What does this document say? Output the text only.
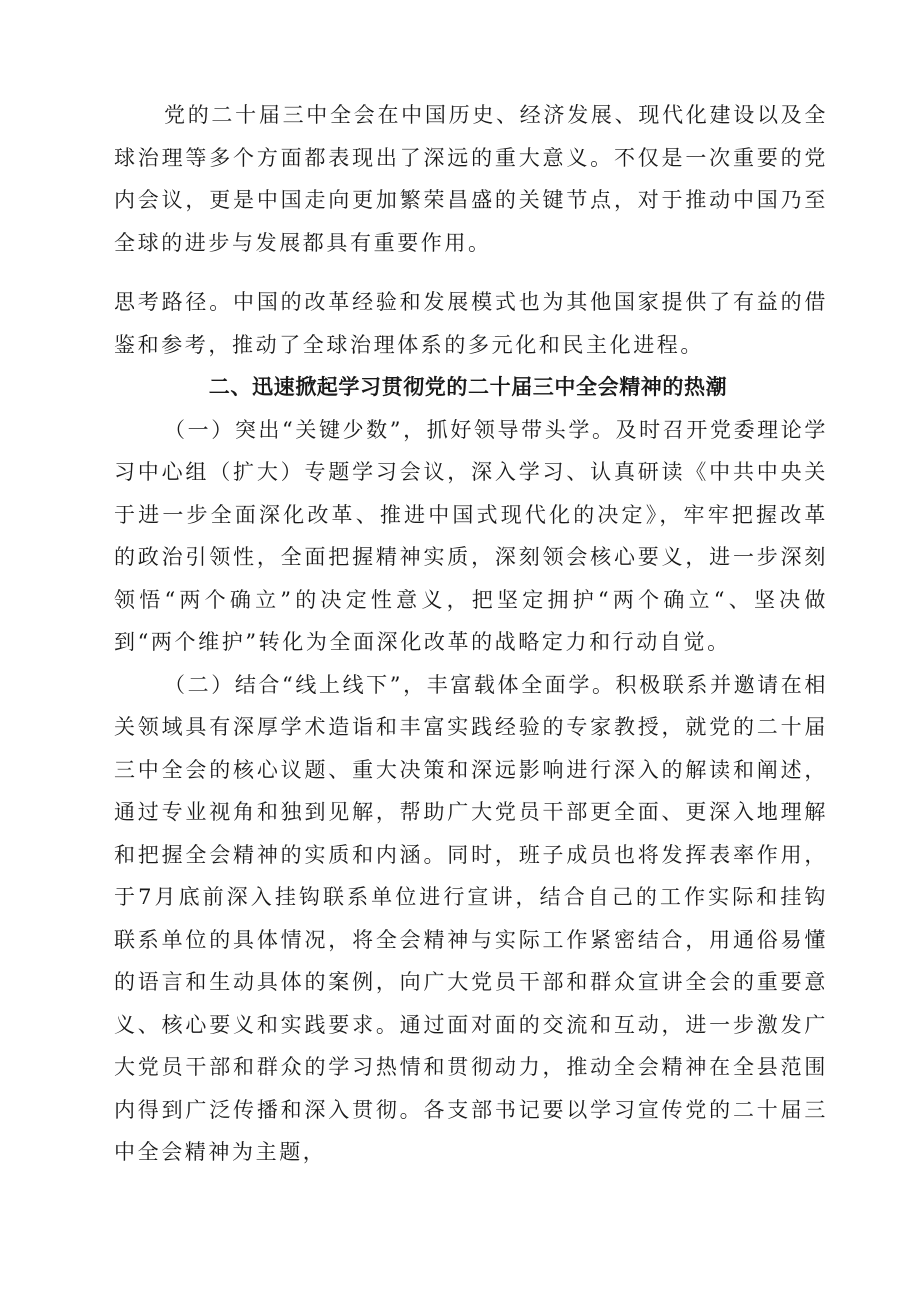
党的二十届三中全会在中国历史、经济发展、现代化建设以及全球治理等多个方面都表现出了深远的重大意义。不仅是一次重要的党内会议，更是中国走向更加繁荣昌盛的关键节点，对于推动中国乃至全球的进步与发展都具有重要作用。

思考路径。中国的改革经验和发展模式也为其他国家提供了有益的借鉴和参考，推动了全球治理体系的多元化和民主化进程。

二、迅速掀起学习贯彻党的二十届三中全会精神的热潮

（一）突出“关键少数”，抓好领导带头学。及时召开党委理论学习中心组（扩大）专题学习会议，深入学习、认真研读《中共中央关于进一步全面深化改革、推进中国式现代化的决定》，牢牢把握改革的政治引领性，全面把握精神实质，深刻领会核心要义，进一步深刻领悟“两个确立”的决定性意义，把坚定拥护“两个确立“、坚决做到“两个维护”转化为全面深化改革的战略定力和行动自觉。

（二）结合“线上线下”，丰富载体全面学。积极联系并邀请在相关领域具有深厚学术造诣和丰富实践经验的专家教授，就党的二十届三中全会的核心议题、重大决策和深远影响进行深入的解读和阐述，通过专业视角和独到见解，帮助广大党员干部更全面、更深入地理解和把握全会精神的实质和内涵。同时，班子成员也将发挥表率作用，于7月底前深入挂钩联系单位进行宣讲，结合自己的工作实际和挂钩联系单位的具体情况，将全会精神与实际工作紧密结合，用通俗易懂的语言和生动具体的案例，向广大党员干部和群众宣讲全会的重要意义、核心要义和实践要求。通过面对面的交流和互动，进一步激发广大党员干部和群众的学习热情和贯彻动力，推动全会精神在全县范围内得到广泛传播和深入贯彻。各支部书记要以学习宣传党的二十届三中全会精神为主题，
